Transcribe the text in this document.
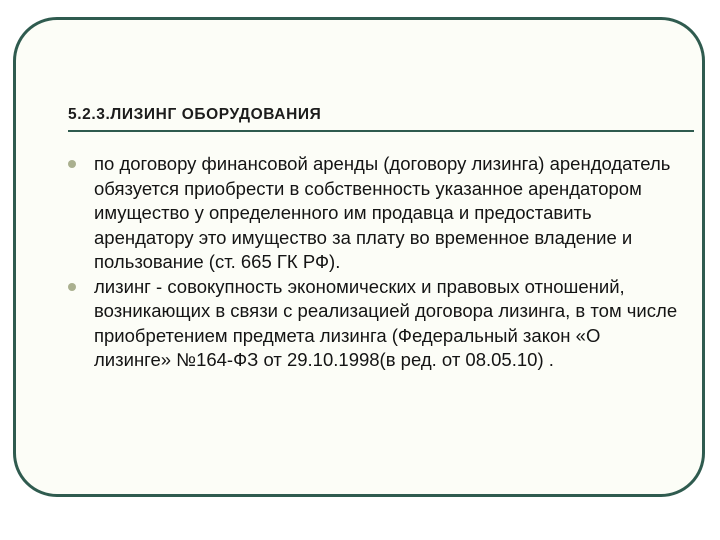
5.2.3.ЛИЗИНГ ОБОРУДОВАНИЯ
по договору финансовой аренды (договору лизинга) арендодатель обязуется приобрести в собственность указанное арендатором имущество у определенного им продавца и предоставить арендатору это имущество за плату во временное владение и пользование (ст. 665 ГК РФ).
лизинг - совокупность экономических и правовых отношений, возникающих в связи с реализацией договора лизинга, в том числе приобретением предмета лизинга (Федеральный закон «О лизинге» №164-ФЗ от 29.10.1998(в ред. от 08.05.10) .
